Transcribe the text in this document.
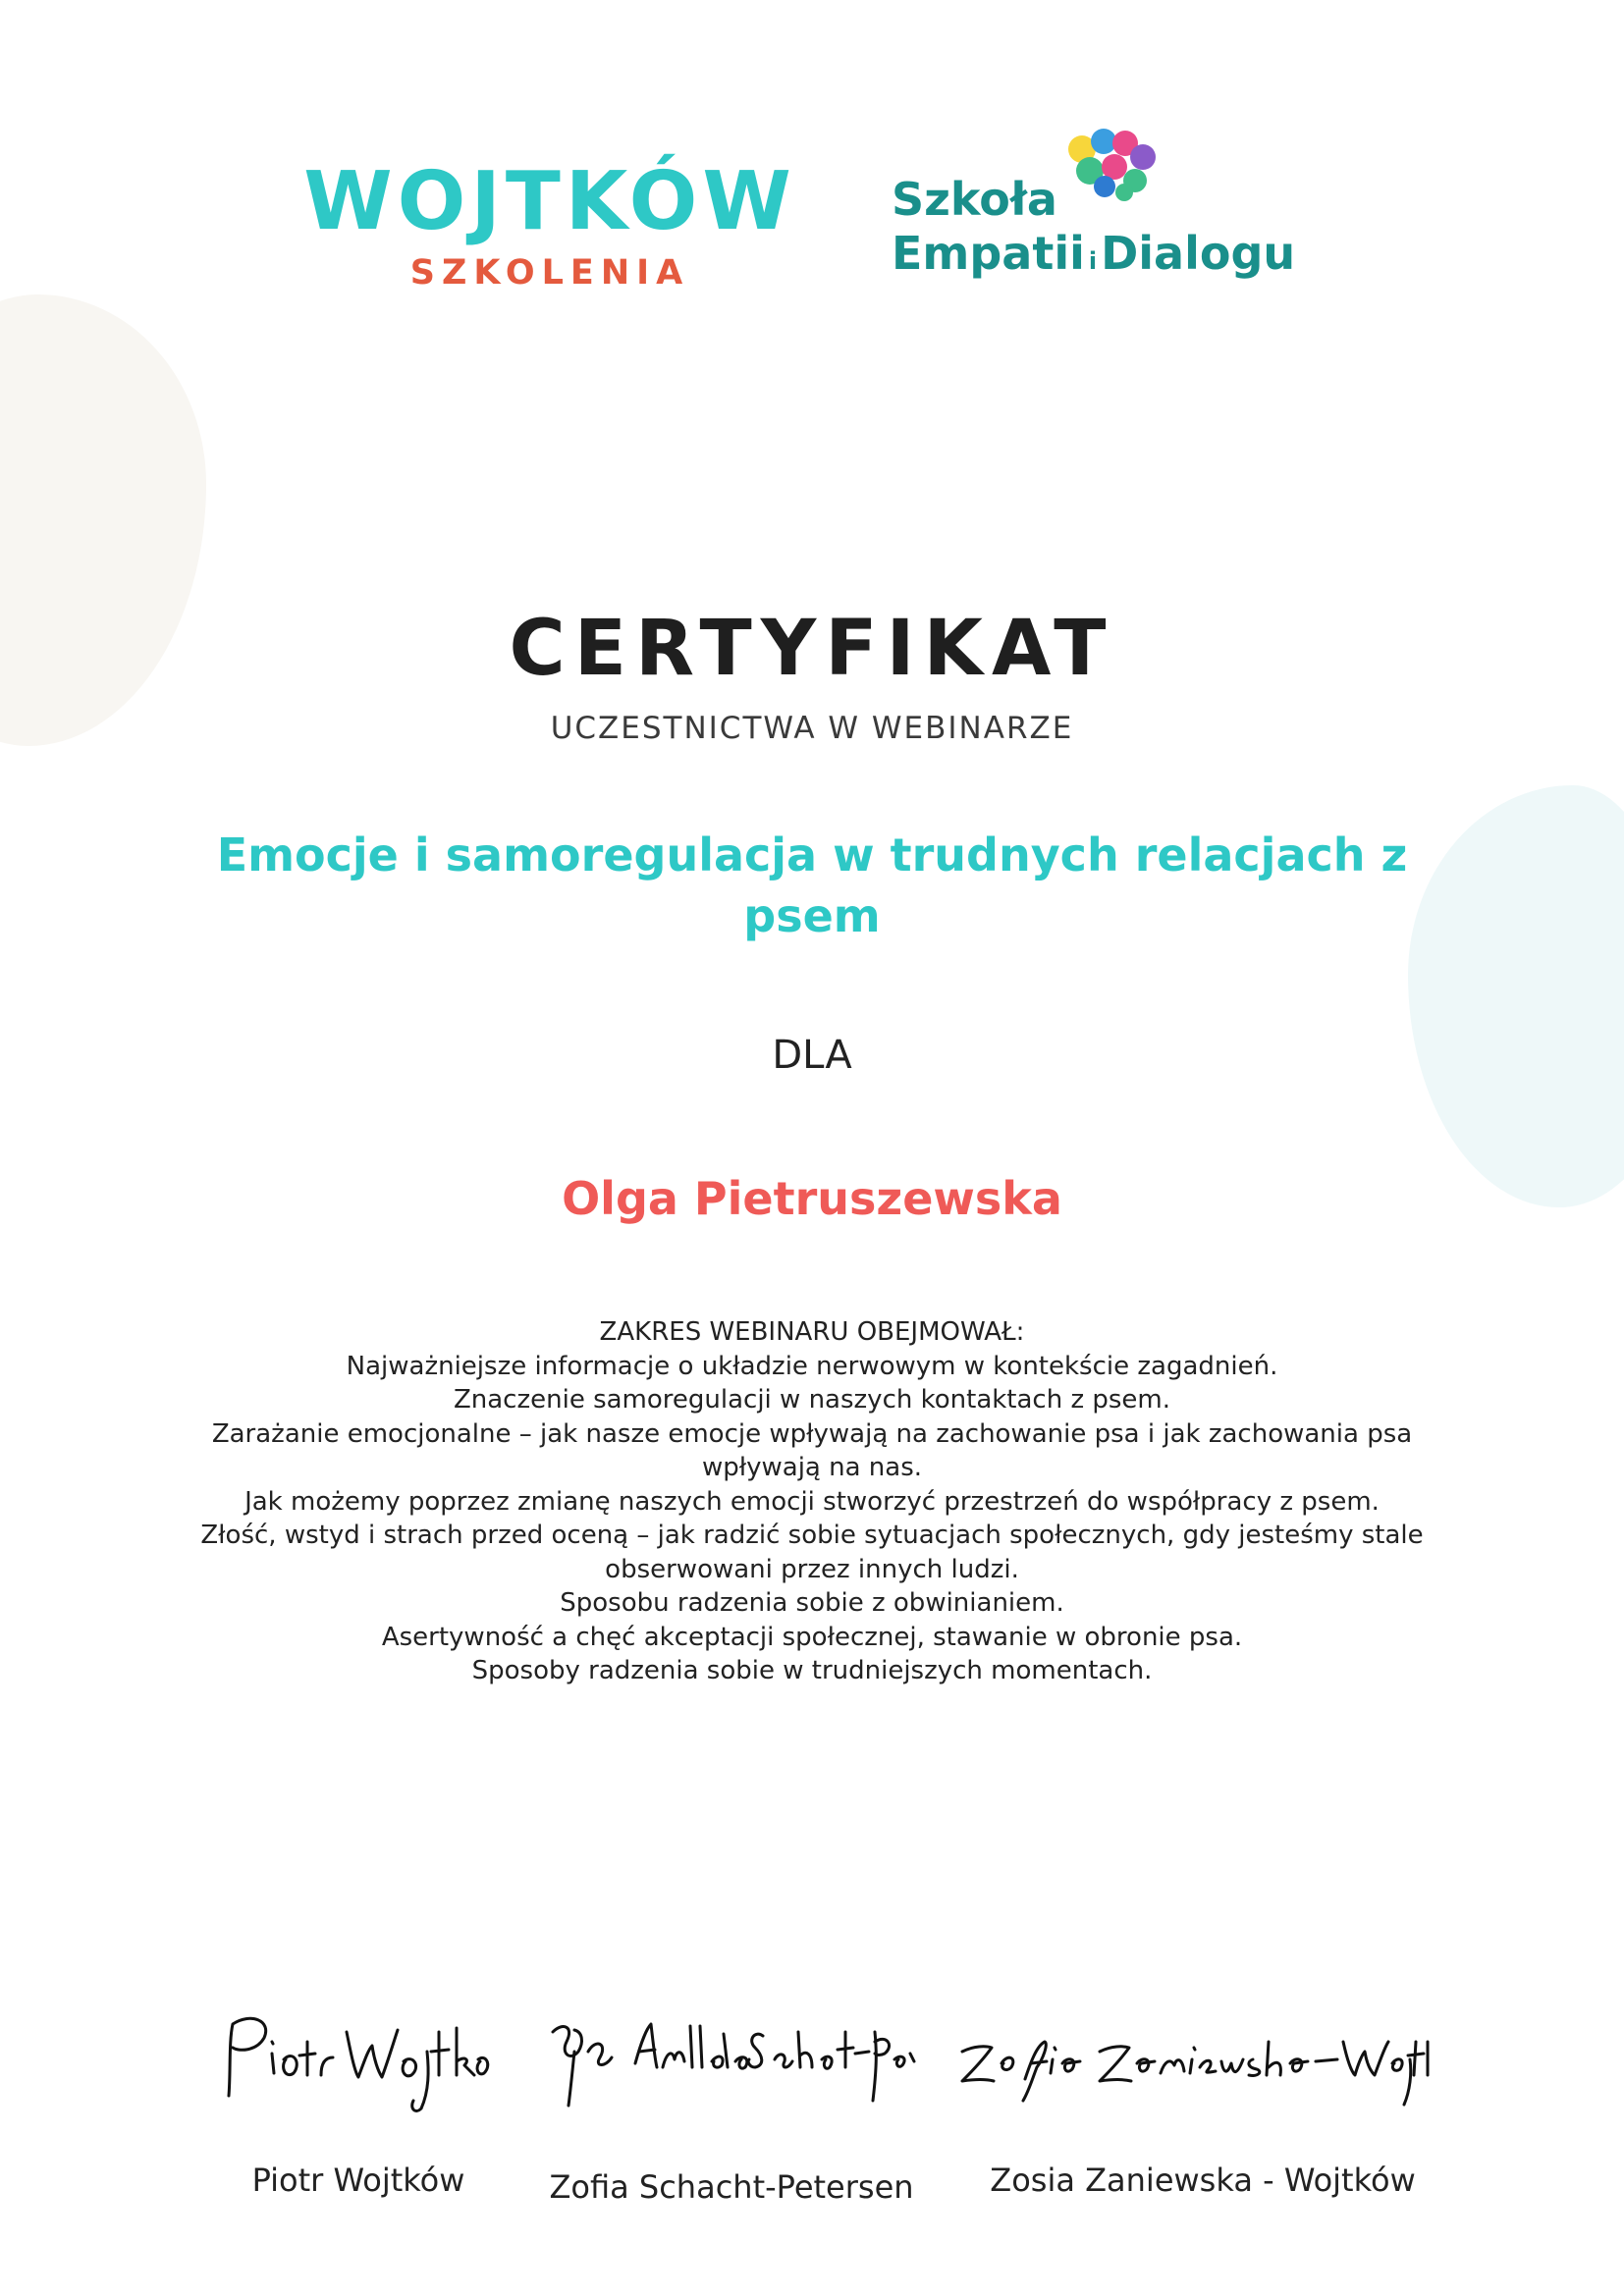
WOJTKÓW
SZKOLENIA
Szkoła
Empatii iDialogu
CERTYFIKAT
UCZESTNICTWA W WEBINARZE
Emocje i samoregulacja w trudnych relacjach z
psem
DLA
Olga Pietruszewska
ZAKRES WEBINARU OBEJMOWAŁ:
Najważniejsze informacje o układzie nerwowym w kontekście zagadnień.
Znaczenie samoregulacji w naszych kontaktach z psem.
Zarażanie emocjonalne – jak nasze emocje wpływają na zachowanie psa i jak zachowania psa
wpływają na nas.
Jak możemy poprzez zmianę naszych emocji stworzyć przestrzeń do współpracy z psem.
Złość, wstyd i strach przed oceną – jak radzić sobie sytuacjach społecznych, gdy jesteśmy stale
obserwowani przez innych ludzi.
Sposobu radzenia sobie z obwinianiem.
Asertywność a chęć akceptacji społecznej, stawanie w obronie psa.
Sposoby radzenia sobie w trudniejszych momentach.
Piotr Wojtków	Zofia Schacht-Petersen	Zosia Zaniewska - Wojtków
